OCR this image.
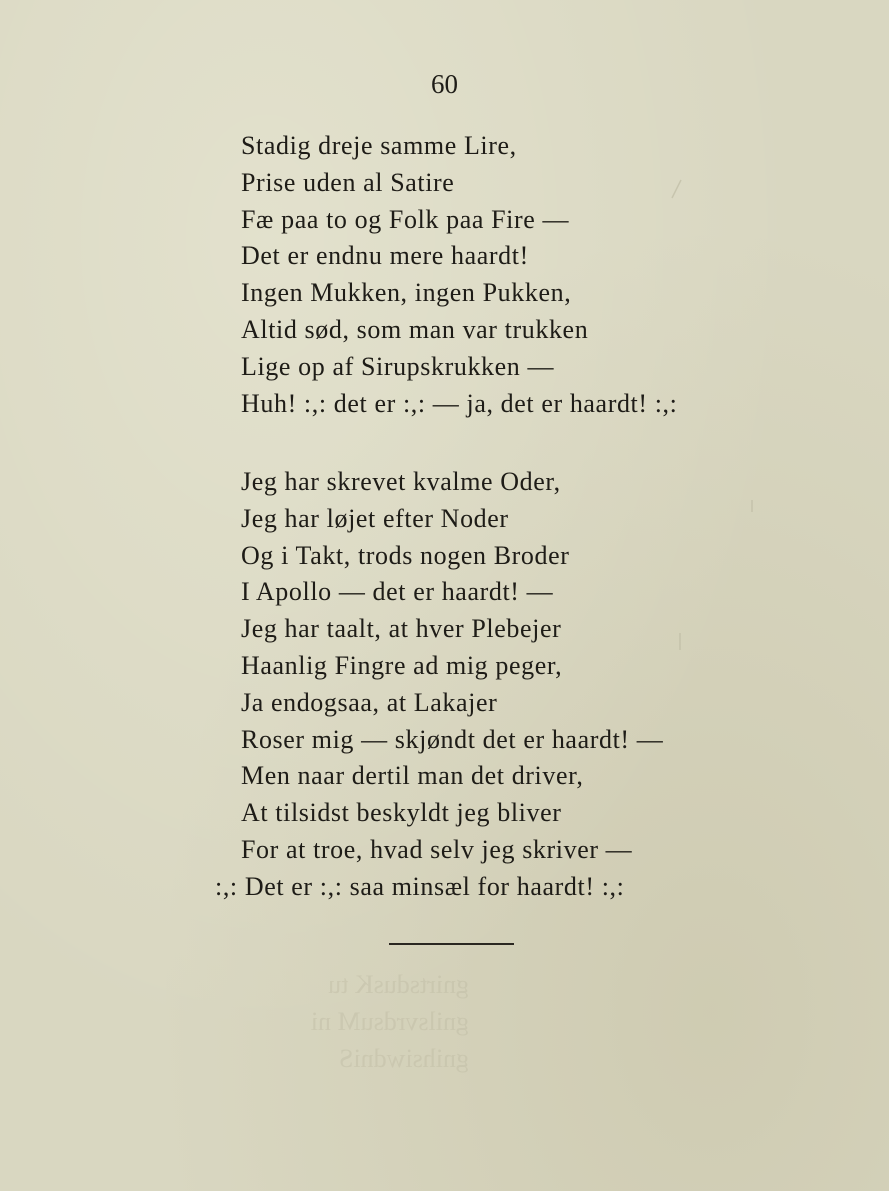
gnirtsdusK tu
gnilsvrdsuM ni
gnihsiwdniS
60
Stadig dreje samme Lire,
Prise uden al Satire
Fæ paa to og Folk paa Fire —
Det er endnu mere haardt!
Ingen Mukken, ingen Pukken,
Altid sød, som man var trukken
Lige op af Sirupskrukken —
Huh! :,: det er :,: — ja, det er haardt! :,:
Jeg har skrevet kvalme Oder,
Jeg har løjet efter Noder
Og i Takt, trods nogen Broder
I Apollo — det er haardt! —
Jeg har taalt, at hver Plebejer
Haanlig Fingre ad mig peger,
Ja endogsaa, at Lakajer
Roser mig — skjøndt det er haardt! —
Men naar dertil man det driver,
At tilsidst beskyldt jeg bliver
For at troe, hvad selv jeg skriver —
:,: Det er :,: saa minsæl for haardt! :,:
